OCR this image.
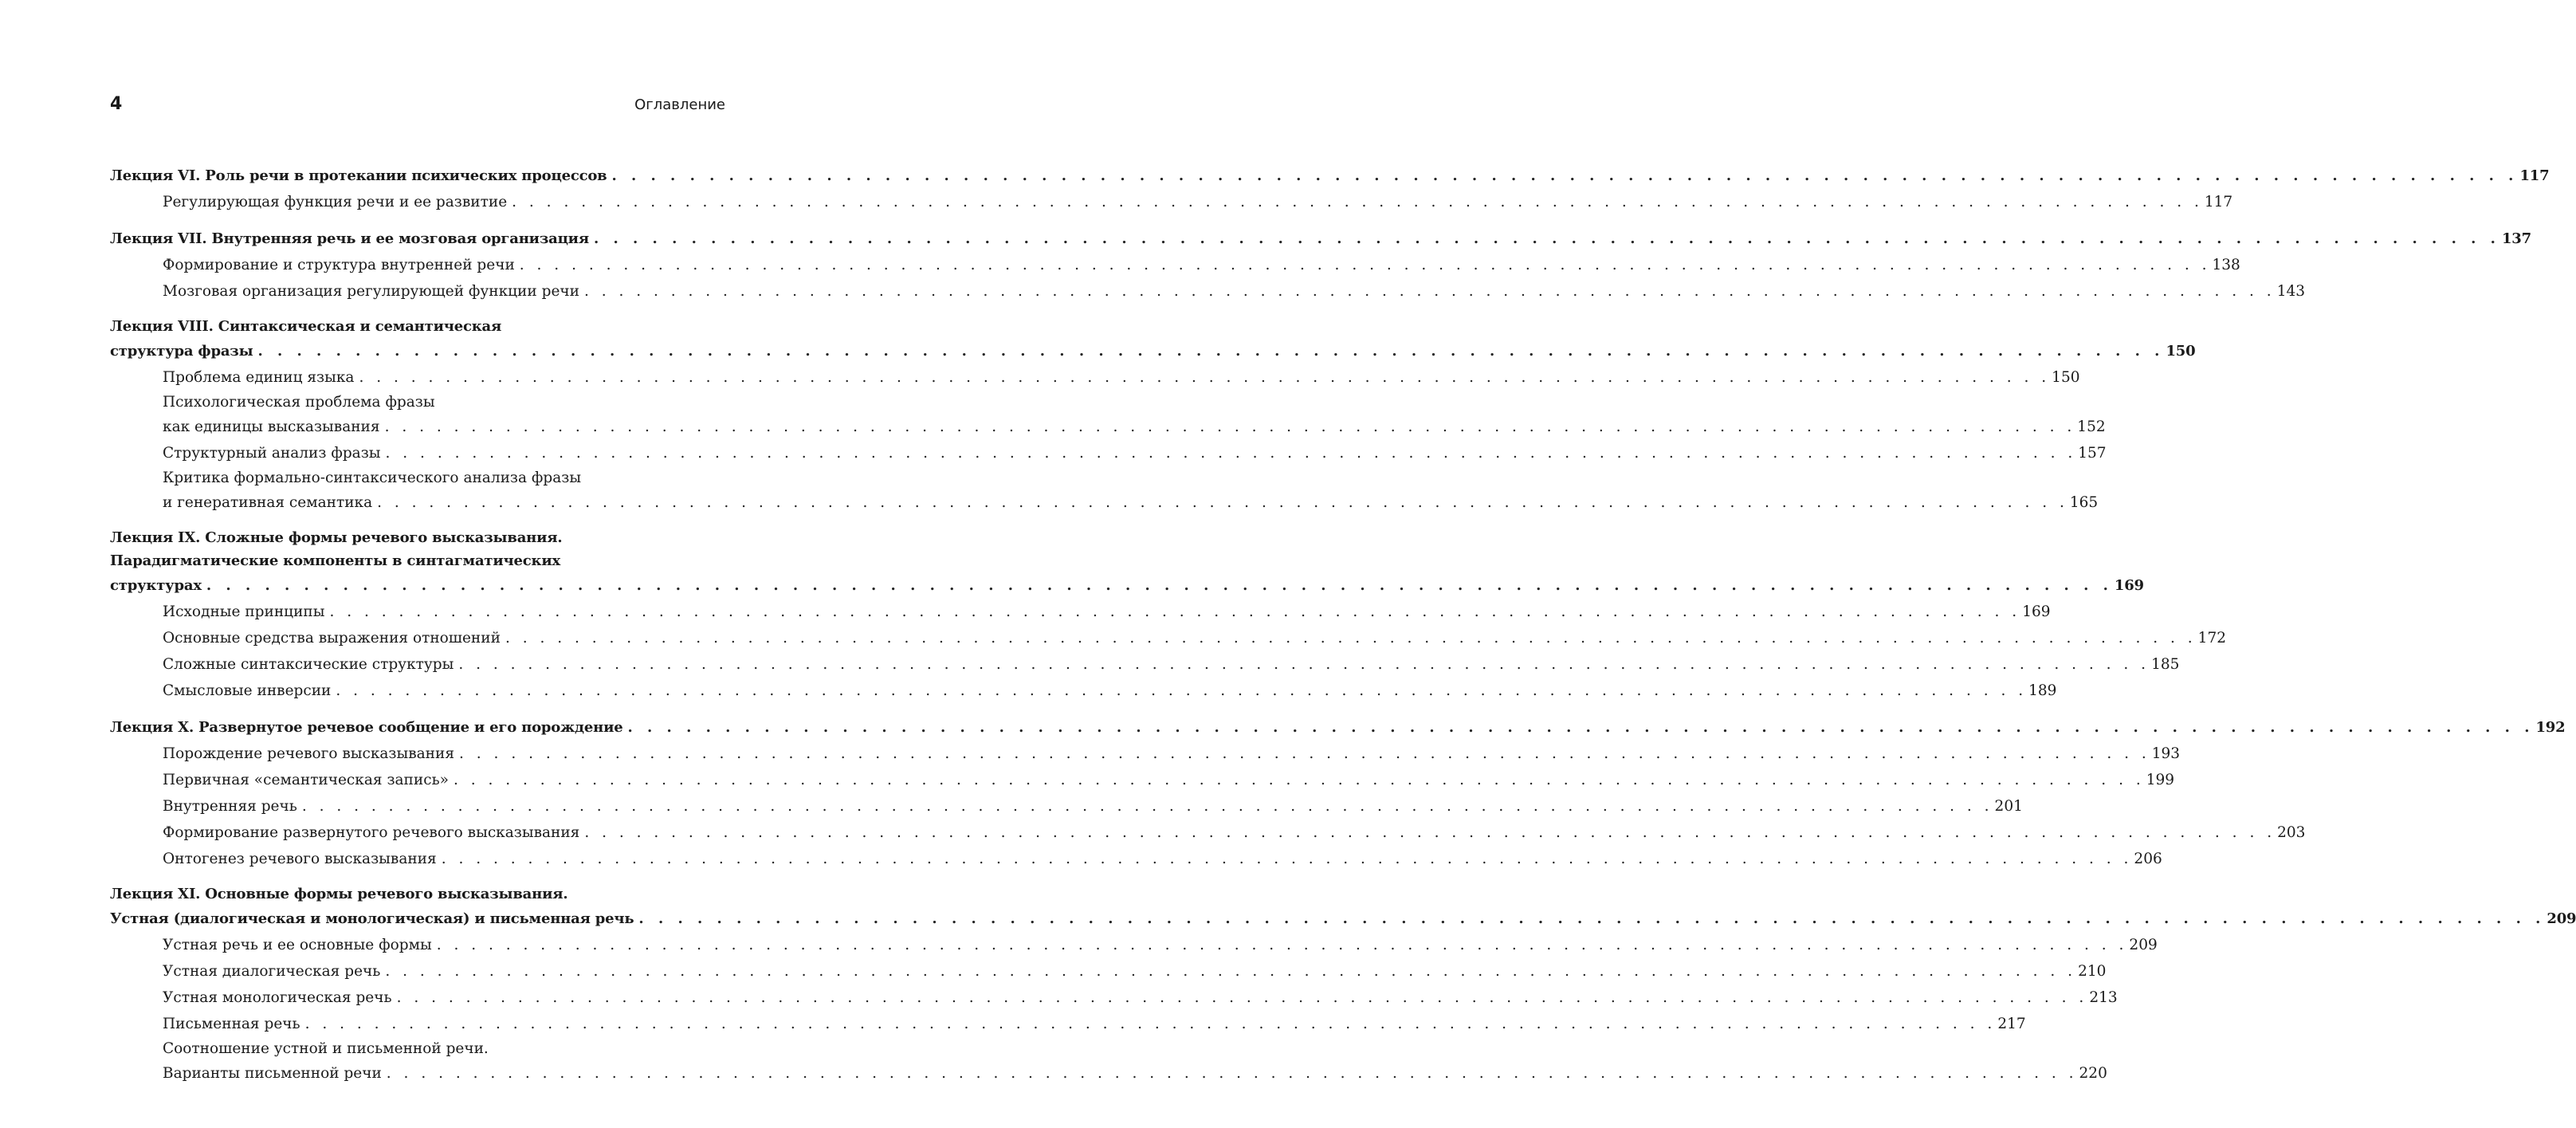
4	Оглавление
Лекция VI. Роль речи в протекании психических процессов . . . . . . . . . . . . . . . . . . . . . . . . . . . . . . . . . . . . . . . . . . . . . . . . . . . . . . . . . . . . . . . . . . . . . . . . . . . . . . . . . . . . . . . . . . . . . . . . . . 117
Регулирующая функция речи и ее развитие . . . . . . . . . . . . . . . . . . . . . . . . . . . . . . . . . . . . . . . . . . . . . . . . . . . . . . . . . . . . . . . . . . . . . . . . . . . . . . . . . . . . . . . . . . . . . . . . . . 117
Лекция VII. Внутренняя речь и ее мозговая организация . . . . . . . . . . . . . . . . . . . . . . . . . . . . . . . . . . . . . . . . . . . . . . . . . . . . . . . . . . . . . . . . . . . . . . . . . . . . . . . . . . . . . . . . . . . . . . . . . . 137
Формирование и структура внутренней речи . . . . . . . . . . . . . . . . . . . . . . . . . . . . . . . . . . . . . . . . . . . . . . . . . . . . . . . . . . . . . . . . . . . . . . . . . . . . . . . . . . . . . . . . . . . . . . . . . . 138
Мозговая организация регулирующей функции речи . . . . . . . . . . . . . . . . . . . . . . . . . . . . . . . . . . . . . . . . . . . . . . . . . . . . . . . . . . . . . . . . . . . . . . . . . . . . . . . . . . . . . . . . . . . . . . . . . . 143
Лекция VIII. Синтаксическая и семантическая
структура фразы . . . . . . . . . . . . . . . . . . . . . . . . . . . . . . . . . . . . . . . . . . . . . . . . . . . . . . . . . . . . . . . . . . . . . . . . . . . . . . . . . . . . . . . . . . . . . . . . . . 150
Проблема единиц языка . . . . . . . . . . . . . . . . . . . . . . . . . . . . . . . . . . . . . . . . . . . . . . . . . . . . . . . . . . . . . . . . . . . . . . . . . . . . . . . . . . . . . . . . . . . . . . . . . . 150
Психологическая проблема фразы
как единицы высказывания . . . . . . . . . . . . . . . . . . . . . . . . . . . . . . . . . . . . . . . . . . . . . . . . . . . . . . . . . . . . . . . . . . . . . . . . . . . . . . . . . . . . . . . . . . . . . . . . . . 152
Структурный анализ фразы . . . . . . . . . . . . . . . . . . . . . . . . . . . . . . . . . . . . . . . . . . . . . . . . . . . . . . . . . . . . . . . . . . . . . . . . . . . . . . . . . . . . . . . . . . . . . . . . . . 157
Критика формально-синтаксического анализа фразы
и генеративная семантика . . . . . . . . . . . . . . . . . . . . . . . . . . . . . . . . . . . . . . . . . . . . . . . . . . . . . . . . . . . . . . . . . . . . . . . . . . . . . . . . . . . . . . . . . . . . . . . . . . 165
Лекция IX. Сложные формы речевого высказывания.
Парадигматические компоненты в синтагматических
структурах . . . . . . . . . . . . . . . . . . . . . . . . . . . . . . . . . . . . . . . . . . . . . . . . . . . . . . . . . . . . . . . . . . . . . . . . . . . . . . . . . . . . . . . . . . . . . . . . . . 169
Исходные принципы . . . . . . . . . . . . . . . . . . . . . . . . . . . . . . . . . . . . . . . . . . . . . . . . . . . . . . . . . . . . . . . . . . . . . . . . . . . . . . . . . . . . . . . . . . . . . . . . . . 169
Основные средства выражения отношений . . . . . . . . . . . . . . . . . . . . . . . . . . . . . . . . . . . . . . . . . . . . . . . . . . . . . . . . . . . . . . . . . . . . . . . . . . . . . . . . . . . . . . . . . . . . . . . . . . 172
Сложные синтаксические структуры . . . . . . . . . . . . . . . . . . . . . . . . . . . . . . . . . . . . . . . . . . . . . . . . . . . . . . . . . . . . . . . . . . . . . . . . . . . . . . . . . . . . . . . . . . . . . . . . . . 185
Смысловые инверсии . . . . . . . . . . . . . . . . . . . . . . . . . . . . . . . . . . . . . . . . . . . . . . . . . . . . . . . . . . . . . . . . . . . . . . . . . . . . . . . . . . . . . . . . . . . . . . . . . . 189
Лекция X. Развернутое речевое сообщение и его порождение . . . . . . . . . . . . . . . . . . . . . . . . . . . . . . . . . . . . . . . . . . . . . . . . . . . . . . . . . . . . . . . . . . . . . . . . . . . . . . . . . . . . . . . . . . . . . . . . . . 192
Порождение речевого высказывания . . . . . . . . . . . . . . . . . . . . . . . . . . . . . . . . . . . . . . . . . . . . . . . . . . . . . . . . . . . . . . . . . . . . . . . . . . . . . . . . . . . . . . . . . . . . . . . . . . 193
Первичная «семантическая запись» . . . . . . . . . . . . . . . . . . . . . . . . . . . . . . . . . . . . . . . . . . . . . . . . . . . . . . . . . . . . . . . . . . . . . . . . . . . . . . . . . . . . . . . . . . . . . . . . . . 199
Внутренняя речь . . . . . . . . . . . . . . . . . . . . . . . . . . . . . . . . . . . . . . . . . . . . . . . . . . . . . . . . . . . . . . . . . . . . . . . . . . . . . . . . . . . . . . . . . . . . . . . . . . 201
Формирование развернутого речевого высказывания . . . . . . . . . . . . . . . . . . . . . . . . . . . . . . . . . . . . . . . . . . . . . . . . . . . . . . . . . . . . . . . . . . . . . . . . . . . . . . . . . . . . . . . . . . . . . . . . . . 203
Онтогенез речевого высказывания . . . . . . . . . . . . . . . . . . . . . . . . . . . . . . . . . . . . . . . . . . . . . . . . . . . . . . . . . . . . . . . . . . . . . . . . . . . . . . . . . . . . . . . . . . . . . . . . . . 206
Лекция XI. Основные формы речевого высказывания.
Устная (диалогическая и монологическая) и письменная речь . . . . . . . . . . . . . . . . . . . . . . . . . . . . . . . . . . . . . . . . . . . . . . . . . . . . . . . . . . . . . . . . . . . . . . . . . . . . . . . . . . . . . . . . . . . . . . . . . . 209
Устная речь и ее основные формы . . . . . . . . . . . . . . . . . . . . . . . . . . . . . . . . . . . . . . . . . . . . . . . . . . . . . . . . . . . . . . . . . . . . . . . . . . . . . . . . . . . . . . . . . . . . . . . . . . 209
Устная диалогическая речь . . . . . . . . . . . . . . . . . . . . . . . . . . . . . . . . . . . . . . . . . . . . . . . . . . . . . . . . . . . . . . . . . . . . . . . . . . . . . . . . . . . . . . . . . . . . . . . . . . 210
Устная монологическая речь . . . . . . . . . . . . . . . . . . . . . . . . . . . . . . . . . . . . . . . . . . . . . . . . . . . . . . . . . . . . . . . . . . . . . . . . . . . . . . . . . . . . . . . . . . . . . . . . . . 213
Письменная речь . . . . . . . . . . . . . . . . . . . . . . . . . . . . . . . . . . . . . . . . . . . . . . . . . . . . . . . . . . . . . . . . . . . . . . . . . . . . . . . . . . . . . . . . . . . . . . . . . . 217
Соотношение устной и письменной речи.
Варианты письменной речи . . . . . . . . . . . . . . . . . . . . . . . . . . . . . . . . . . . . . . . . . . . . . . . . . . . . . . . . . . . . . . . . . . . . . . . . . . . . . . . . . . . . . . . . . . . . . . . . . . 220
